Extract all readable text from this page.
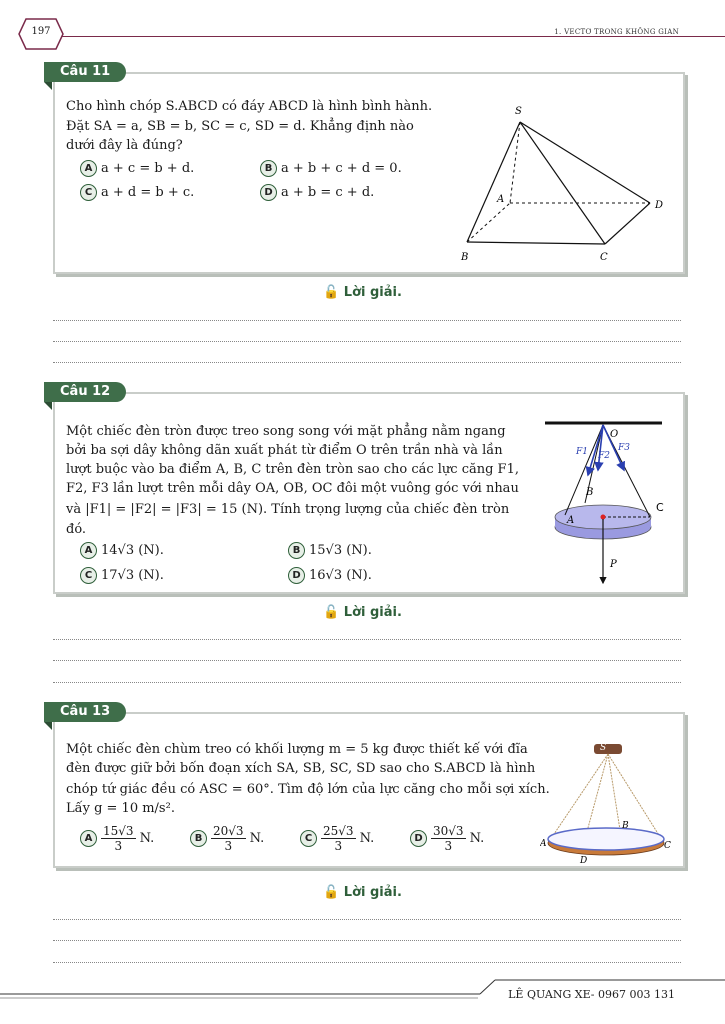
197	1. VECTƠ TRONG KHÔNG GIAN
Câu 11
Cho hình chóp S.ABCD có đáy ABCD là hình bình hành.
Đặt SA = a, SB = b, SC = c, SD = d. Khẳng định nào
dưới đây là đúng?
A a + c = b + d.	B a + b + c + d = 0.
C a + d = b + c.	D a + b = c + d.
S
A
B	C
D
🔓 Lời giải.
Câu 12
Một chiếc đèn tròn được treo song song với mặt phẳng nằm ngang
bởi ba sợi dây không dãn xuất phát từ điểm O trên trần nhà và lần
lượt buộc vào ba điểm A, B, C trên đèn tròn sao cho các lực căng F1,
F2, F3 lần lượt trên mỗi dây OA, OB, OC đôi một vuông góc với nhau
và |F1| = |F2| = |F3| = 15 (N). Tính trọng lượng của chiếc đèn tròn
đó.
A 14√3 (N).	B 15√3 (N).
C 17√3 (N).	D 16√3 (N).
O
F1 F2
F3
A
B
C
P
🔓 Lời giải.
Câu 13
Một chiếc đèn chùm treo có khối lượng m = 5 kg được thiết kế với đĩa
đèn được giữ bởi bốn đoạn xích SA, SB, SC, SD sao cho S.ABCD là hình
chóp tứ giác đều có ASC = 60°. Tìm độ lớn của lực căng cho mỗi sợi xích.
Lấy g = 10 m/s².
A $\frac{15√3}{3} N$.	B $\frac{20√3}{3} N$.	C $\frac{25√3}{3} N$.	D $\frac{30√3}{3} N$.
S
A
B
C
D
🔓 Lời giải.
LÊ QUANG XE- 0967 003 131
